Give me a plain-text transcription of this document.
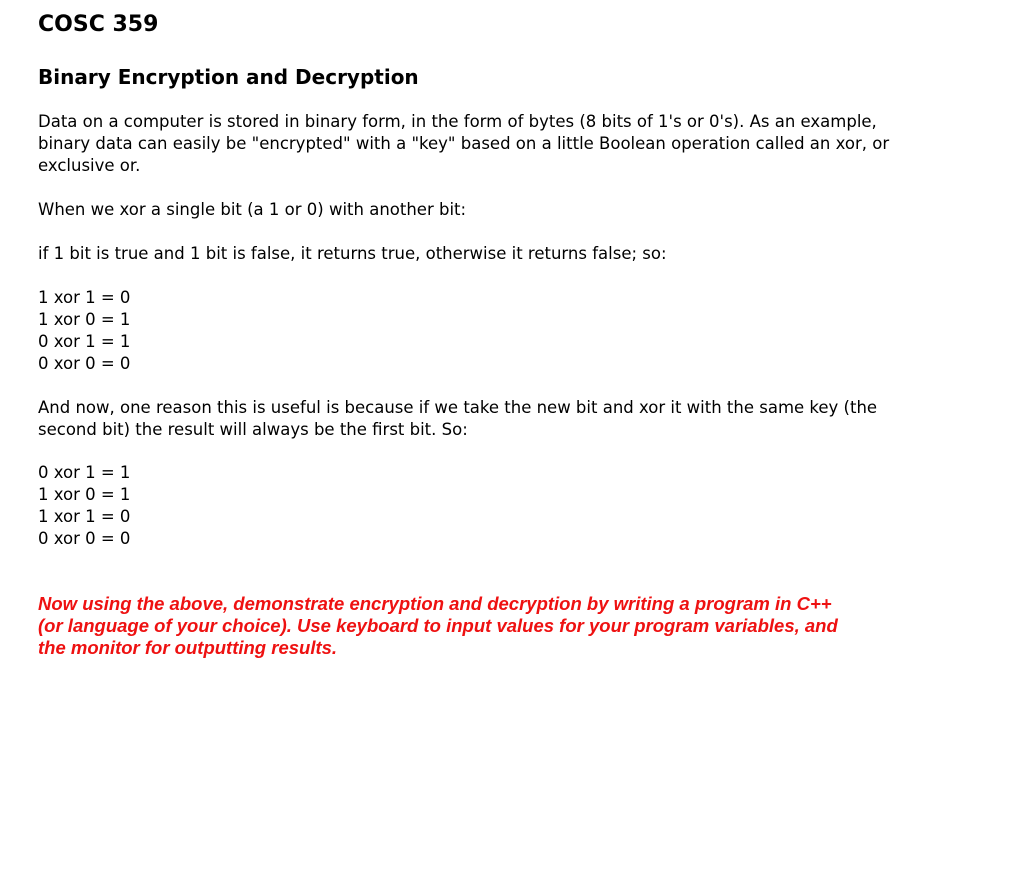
COSC 359
Binary Encryption and Decryption

Data on a computer is stored in binary form, in the form of bytes (8 bits of 1's or 0's). As an example,
binary data can easily be "encrypted" with a "key" based on a little Boolean operation called an xor, or
exclusive or.

When we xor a single bit (a 1 or 0) with another bit:

if 1 bit is true and 1 bit is false, it returns true, otherwise it returns false; so:

1 xor 1 = 0
1 xor 0 = 1
0 xor 1 = 1
0 xor 0 = 0

And now, one reason this is useful is because if we take the new bit and xor it with the same key (the
second bit) the result will always be the first bit. So:

0 xor 1 = 1
1 xor 0 = 1
1 xor 1 = 0
0 xor 0 = 0

Now using the above, demonstrate encryption and decryption by writing a program in C++
(or language of your choice). Use keyboard to input values for your program variables, and
the monitor for outputting results.
